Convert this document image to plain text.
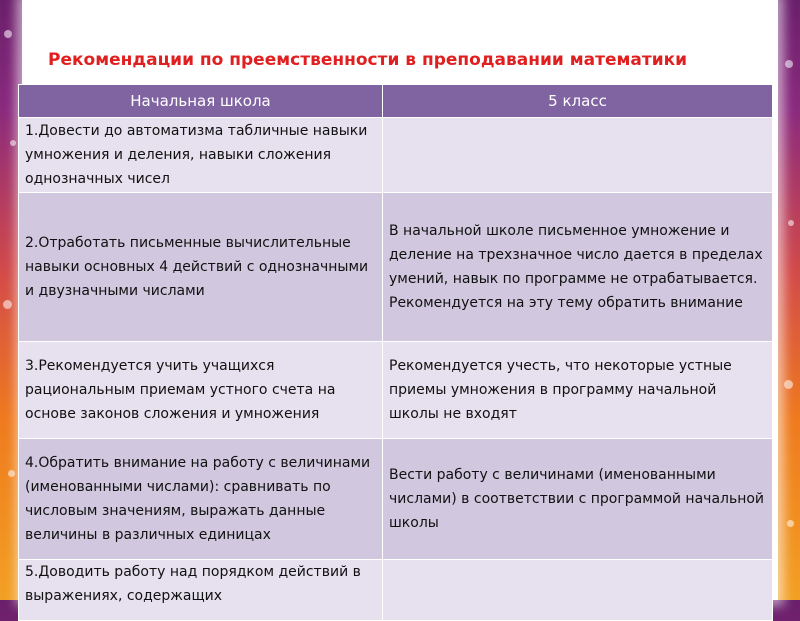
Рекомендации по преемственности в преподавании математики
Начальная школа	5 класс
1.Довести до автоматизма табличные навыки умножения и деления, навыки сложения однозначных чисел	
2.Отработать письменные вычислительные навыки основных 4 действий с однозначными и двузначными числами	В начальной школе письменное умножение и деление на трехзначное число дается в пределах умений, навык по программе не отрабатывается. Рекомендуется на эту тему обратить внимание
3.Рекомендуется учить учащихся рациональным приемам устного счета на основе законов сложения и умножения	Рекомендуется учесть, что некоторые устные приемы умножения в программу начальной школы не входят
4.Обратить внимание на работу с величинами (именованными числами): сравнивать по числовым значениям, выражать данные величины в различных единицах	Вести работу с величинами (именованными числами) в соответствии с программой начальной школы
5.Доводить работу над порядком действий в выражениях, содержащих	
